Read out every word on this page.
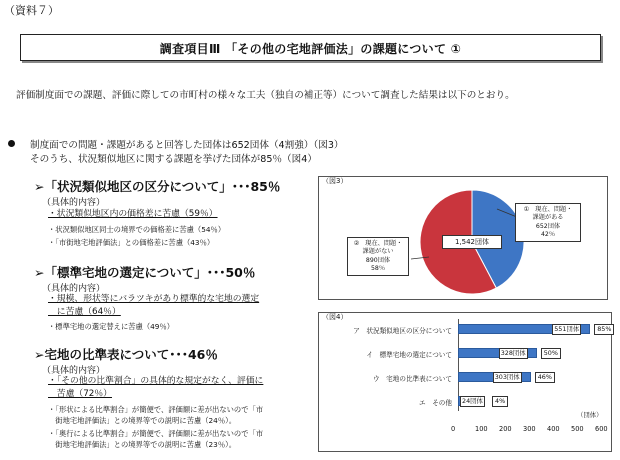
（資料７）
調査項目Ⅲ 「その他の宅地評価法」の課題について ①
評価制度面での課題、評価に際しての市町村の様々な工夫（独自の補正等）について調査した結果は以下のとおり。
制度面での問題・課題があると回答した団体は652団体（4割強）（図3）
そのうち、状況類似地区に関する課題を挙げた団体が85％（図4）
➢「状況類似地区の区分について」･･･85％
（具体的内容）
・状況類似地区内の価格差に苦慮（59％）
・状況類似地区同士の境界での価格差に苦慮（54％）
・「市街地宅地評価法」との価格差に苦慮（43％）
➢「標準宅地の選定について」･･･50％
（具体的内容）
・規模、形状等にバラツキがあり標準的な宅地の選定
　に苦慮（64％）
・標準宅地の選定替えに苦慮（49％）
➢宅地の比準表について･･･46％
（具体的内容）
・「その他の比準割合」の具体的な規定がなく、評価に
　苦慮（72％）
・「形状による比準割合」が簡便で、評価額に差が出ないので「市
　街地宅地評価法」との境界等での説明に苦慮（24％）。
・「奥行による比準割合」が簡便で、評価額に差が出ないので「市
　街地宅地評価法」との境界等での説明に苦慮（23％）。
（図3）
1,542団体
①　現在、問題・
課題がある
652団体
42％
②　現在、問題・
課題がない
890団体
58％
（図4）
ア　状況類似地区の区分について	551団体	85%
イ　標準宅地の選定について	328団体	50%
ウ　宅地の比準表について	303団体	46%
エ　その他	24団体	4%
0	100 200 300 400 500 600
（団体）
